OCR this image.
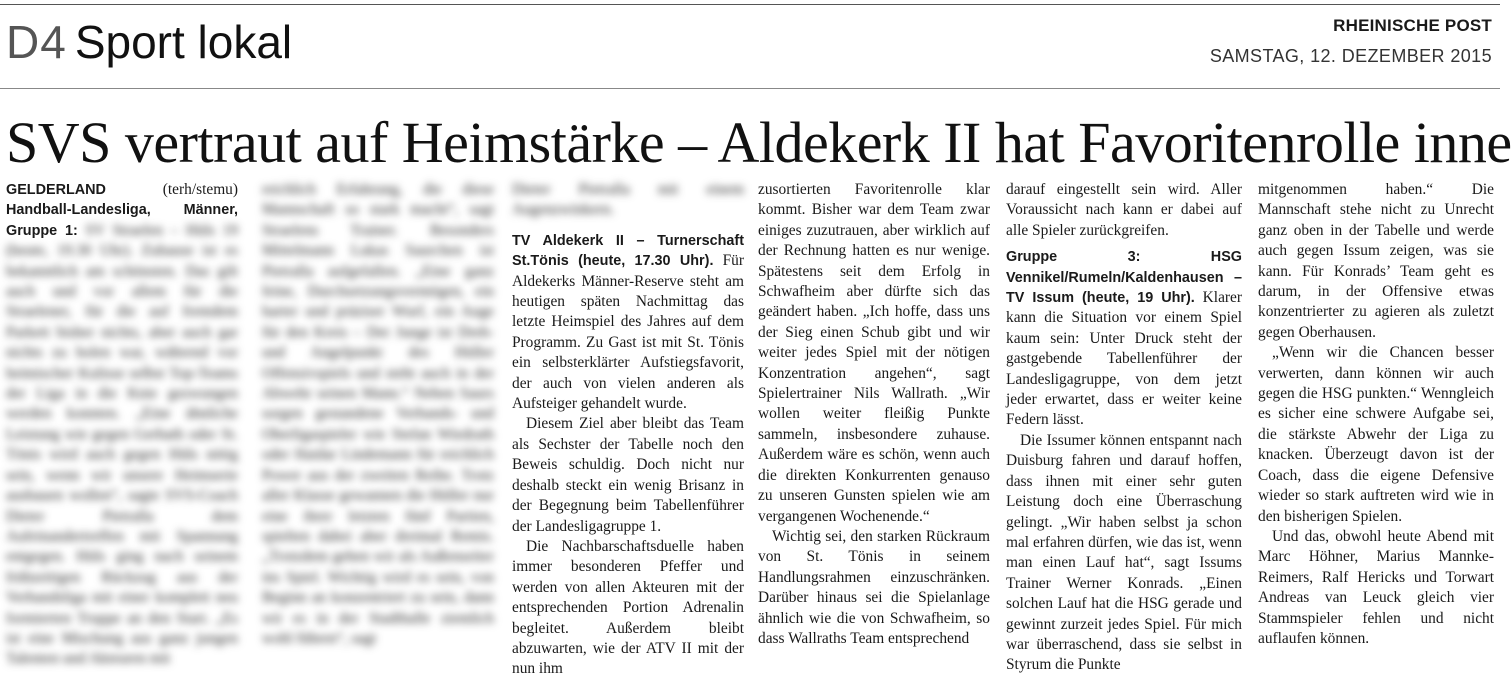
D4 Sport lokal	RHEINISCHE POST
SAMSTAG, 12. DEZEMBER 2015
SVS vertraut auf Heimstärke – Aldekerk II hat Favoritenrolle inne

GELDERLAND (terh/stemu) Handball-Landesliga, Männer, Gruppe 1: SV Straelen – Hüls 19 (heute, 19.30 Uhr). Zuhause ist es bekanntlich am schönsten. Das gilt auch und vor allem für die Straelener, für die auf fremdem Parkett bisher nichts, aber auch gar nichts zu holen war, während vor heimischer Kulisse selbst Top-Teams der Liga in die Knie gezwungen werden konnten. „Eine ähnliche Leistung wie gegen Gerbath oder St. Tönis wird auch gegen Hüls nötig sein, wenn wir unsere Heimserie ausbauen wollen“, sagte SVS-Coach Dieter Pietralla dem Aufeinandertreffen mit Spannung entgegen. Hüls ging nach seinem frühzeitigen Rückzug aus der Verbandsliga mit einer komplett neu formierten Truppe an den Start. „Es ist eine Mischung aus ganz jungen Talenten und Akteuren mit

reichlich Erfahrung, die diese Mannschaft so stark macht“, sagt Straelens Trainer. Besonders Mittelmann Lukas Saurchen ist Pietralla aufgefallen. „Eine ganz feine, Durchsetzungsvermögen, ein harter und präziser Wurf, ein Auge für den Kreis – Der Junge ist Dreh- und Angelpunkt des Hüller Offensivspiels und steht auch in der Abwehr seinen Mann.“ Neben Saurs sorgen gestandene Verbands- und Oberligaspieler wie Stefan Wiedrath oder Haidar Lindemann für reichlich Power aus der zweiten Reihe. Trotz aller Klasse gewannen die Hüller nur eine ihrer letzten fünf Partien, spielten dabei aber dreimal Remis. „Trotzdem gehen wir als Außenseiter ins Spiel. Wichtig wird es sein, von Beginn an konzentriert zu sein, dann wir es in der Stadthalle ziemlich wohl führen“, sagt

Dieter Pietralla mit einem Augenzwinkern.

TV Aldekerk II – Turnerschaft St.Tönis (heute, 17.30 Uhr). Für Aldekerks Männer-Reserve steht am heutigen späten Nachmittag das letzte Heimspiel des Jahres auf dem Programm. Zu Gast ist mit St. Tönis ein selbsterklärter Aufstiegsfavorit, der auch von vielen anderen als Aufsteiger gehandelt wurde.

Diesem Ziel aber bleibt das Team als Sechster der Tabelle noch den Beweis schuldig. Doch nicht nur deshalb steckt ein wenig Brisanz in der Begegnung beim Tabellenführer der Landesligagruppe 1.

Die Nachbarschaftsduelle haben immer besonderen Pfeffer und werden von allen Akteuren mit der entsprechenden Portion Adrenalin begleitet. Außerdem bleibt abzuwarten, wie der ATV II mit der nun ihm

zusortierten Favoritenrolle klar kommt. Bisher war dem Team zwar einiges zuzutrauen, aber wirklich auf der Rechnung hatten es nur wenige. Spätestens seit dem Erfolg in Schwafheim aber dürfte sich das geändert haben. „Ich hoffe, dass uns der Sieg einen Schub gibt und wir weiter jedes Spiel mit der nötigen Konzentration angehen“, sagt Spielertrainer Nils Wallrath. „Wir wollen weiter fleißig Punkte sammeln, insbesondere zuhause. Außerdem wäre es schön, wenn auch die direkten Konkurrenten genauso zu unseren Gunsten spielen wie am vergangenen Wochenende.“

Wichtig sei, den starken Rückraum von St. Tönis in seinem Handlungsrahmen einzuschränken. Darüber hinaus sei die Spielanlage ähnlich wie die von Schwafheim, so dass Wallraths Team entsprechend

darauf eingestellt sein wird. Aller Voraussicht nach kann er dabei auf alle Spieler zurückgreifen.

Gruppe 3: HSG Vennikel/Rumeln/Kaldenhausen – TV Issum (heute, 19 Uhr). Klarer kann die Situation vor einem Spiel kaum sein: Unter Druck steht der gastgebende Tabellenführer der Landesligagruppe, von dem jetzt jeder erwartet, dass er weiter keine Federn lässt.

Die Issumer können entspannt nach Duisburg fahren und darauf hoffen, dass ihnen mit einer sehr guten Leistung doch eine Überraschung gelingt. „Wir haben selbst ja schon mal erfahren dürfen, wie das ist, wenn man einen Lauf hat“, sagt Issums Trainer Werner Konrads. „Einen solchen Lauf hat die HSG gerade und gewinnt zurzeit jedes Spiel. Für mich war überraschend, dass sie selbst in Styrum die Punkte

mitgenommen haben.“ Die Mannschaft stehe nicht zu Unrecht ganz oben in der Tabelle und werde auch gegen Issum zeigen, was sie kann. Für Konrads’ Team geht es darum, in der Offensive etwas konzentrierter zu agieren als zuletzt gegen Oberhausen.

„Wenn wir die Chancen besser verwerten, dann können wir auch gegen die HSG punkten.“ Wenngleich es sicher eine schwere Aufgabe sei, die stärkste Abwehr der Liga zu knacken. Überzeugt davon ist der Coach, dass die eigene Defensive wieder so stark auftreten wird wie in den bisherigen Spielen.

Und das, obwohl heute Abend mit Marc Höhner, Marius Mannke-Reimers, Ralf Hericks und Torwart Andreas van Leuck gleich vier Stammspieler fehlen und nicht auflaufen können.
